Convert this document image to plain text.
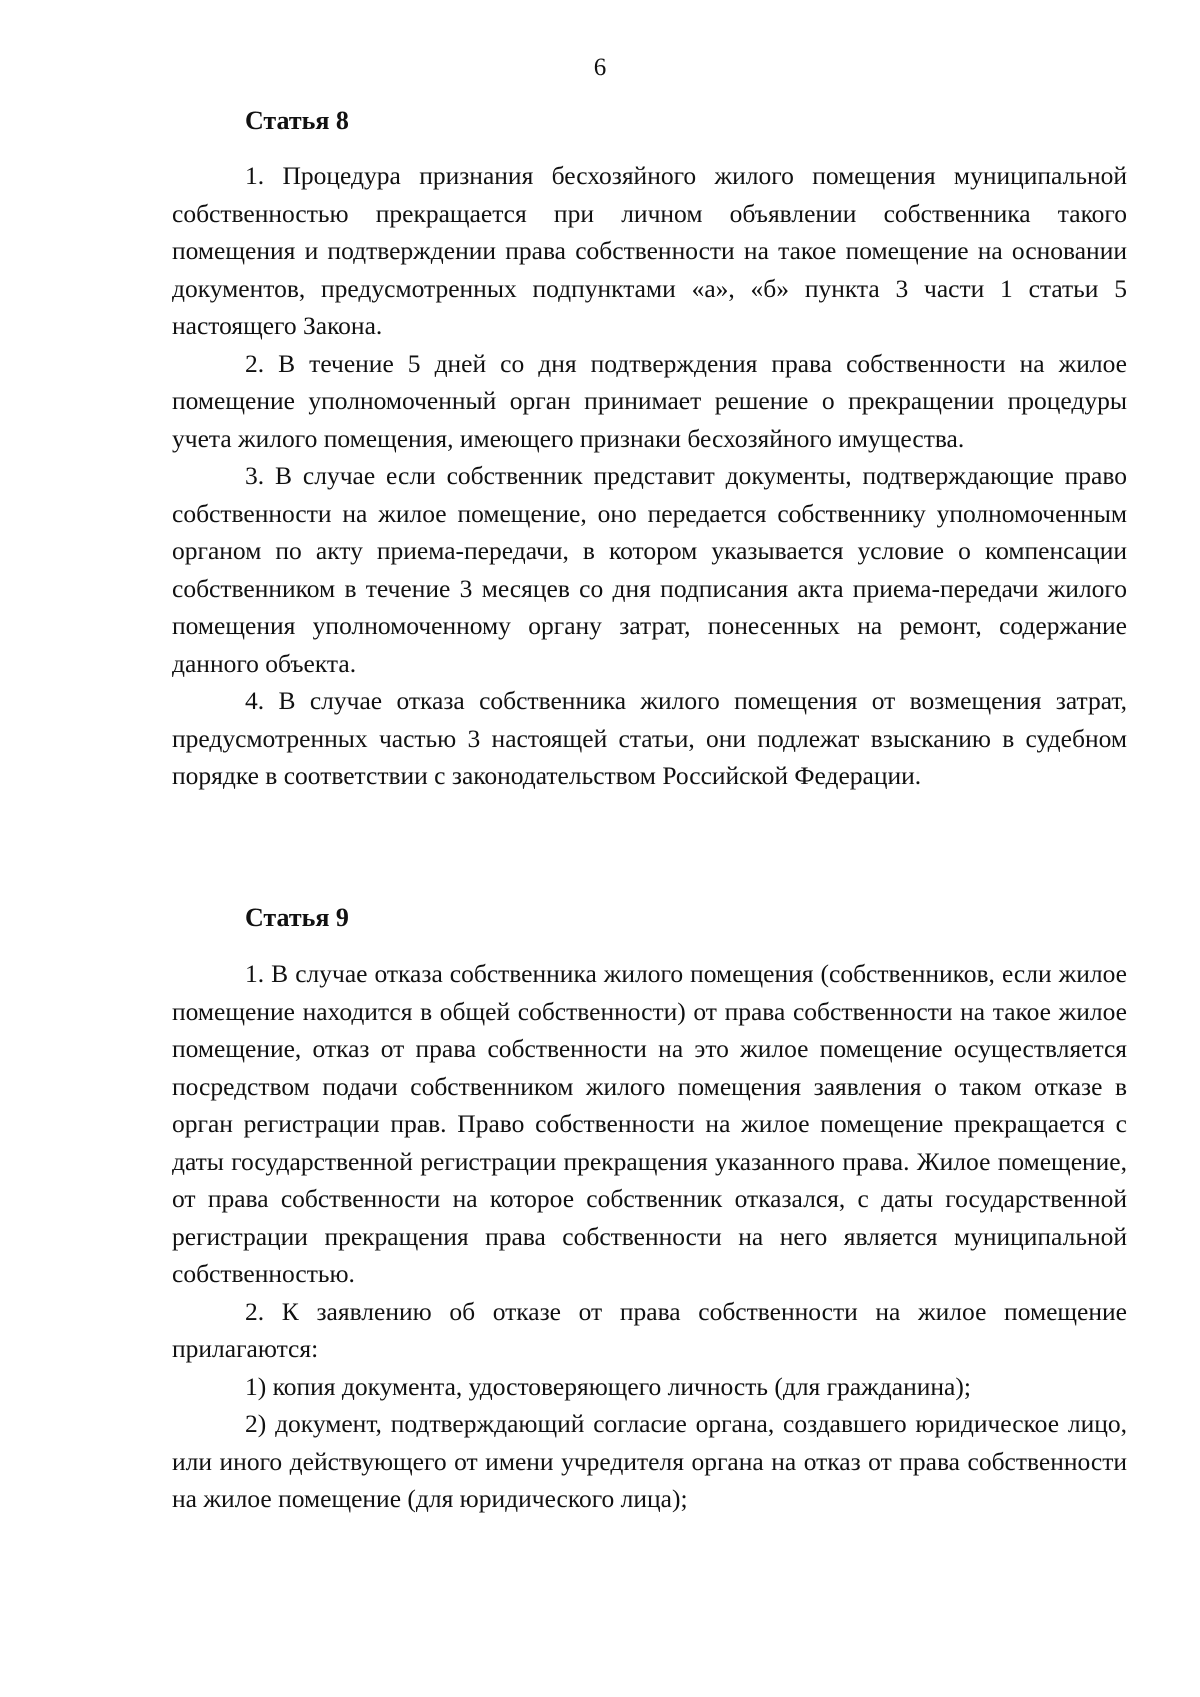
6
Статья 8

1. Процедура признания бесхозяйного жилого помещения муниципальной собственностью прекращается при личном объявлении собственника такого помещения и подтверждении права собственности на такое помещение на основании документов, предусмотренных подпунктами «а», «б» пункта 3 части 1 статьи 5 настоящего Закона.

2. В течение 5 дней со дня подтверждения права собственности на жилое помещение уполномоченный орган принимает решение о прекращении процедуры учета жилого помещения, имеющего признаки бесхозяйного имущества.

3. В случае если собственник представит документы, подтверждающие право собственности на жилое помещение, оно передается собственнику уполномоченным органом по акту приема-передачи, в котором указывается условие о компенсации собственником в течение 3 месяцев со дня подписания акта приема-передачи жилого помещения уполномоченному органу затрат, понесенных на ремонт, содержание данного объекта.

4. В случае отказа собственника жилого помещения от возмещения затрат, предусмотренных частью 3 настоящей статьи, они подлежат взысканию в судебном порядке в соответствии с законодательством Российской Федерации.

Статья 9

1. В случае отказа собственника жилого помещения (собственников, если жилое помещение находится в общей собственности) от права собственности на такое жилое помещение, отказ от права собственности на это жилое помещение осуществляется посредством подачи собственником жилого помещения заявления о таком отказе в орган регистрации прав. Право собственности на жилое помещение прекращается с даты государственной регистрации прекращения указанного права. Жилое помещение, от права собственности на которое собственник отказался, с даты государственной регистрации прекращения права собственности на него является муниципальной собственностью.

2. К заявлению об отказе от права собственности на жилое помещение прилагаются:

1) копия документа, удостоверяющего личность (для гражданина);

2) документ, подтверждающий согласие органа, создавшего юридическое лицо, или иного действующего от имени учредителя органа на отказ от права собственности на жилое помещение (для юридического лица);
